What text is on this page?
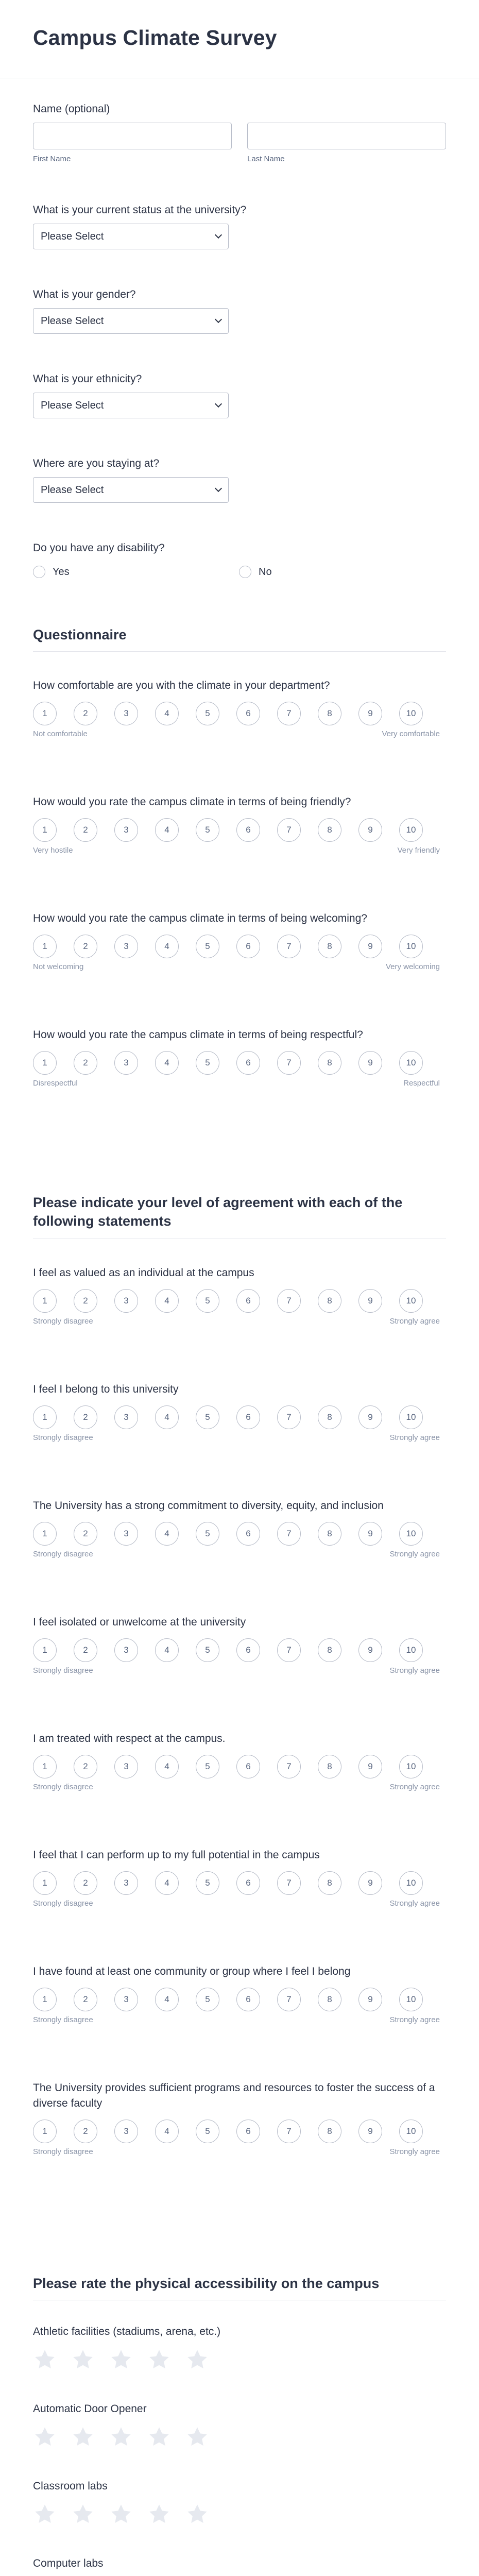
Campus Climate Survey
Name (optional)
First Name	Last Name
What is your current status at the university?
Please Select
What is your gender?
Please Select
What is your ethnicity?
Please Select
Where are you staying at?
Please Select
Do you have any disability?
Yes	No
Questionnaire
How comfortable are you with the climate in your department?
1	2	3	4	5	6	7	8	9	10
Not comfortable	Very comfortable
How would you rate the campus climate in terms of being friendly?
1	2	3	4	5	6	7	8	9	10
Very hostile	Very friendly
How would you rate the campus climate in terms of being welcoming?
1	2	3	4	5	6	7	8	9	10
Not welcoming	Very welcoming
How would you rate the campus climate in terms of being respectful?
1	2	3	4	5	6	7	8	9	10
Disrespectful	Respectful
Please indicate your level of agreement with each of the following statements
I feel as valued as an individual at the campus
1	2	3	4	5	6	7	8	9	10
Strongly disagree	Strongly agree
I feel I belong to this university
1	2	3	4	5	6	7	8	9	10
Strongly disagree	Strongly agree
The University has a strong commitment to diversity, equity, and inclusion
1	2	3	4	5	6	7	8	9	10
Strongly disagree	Strongly agree
I feel isolated or unwelcome at the university
1	2	3	4	5	6	7	8	9	10
Strongly disagree	Strongly agree
I am treated with respect at the campus.
1	2	3	4	5	6	7	8	9	10
Strongly disagree	Strongly agree
I feel that I can perform up to my full potential in the campus
1	2	3	4	5	6	7	8	9	10
Strongly disagree	Strongly agree
I have found at least one community or group where I feel I belong
1	2	3	4	5	6	7	8	9	10
Strongly disagree	Strongly agree
The University provides sufficient programs and resources to foster the success of a diverse faculty
1	2	3	4	5	6	7	8	9	10
Strongly disagree	Strongly agree
Please rate the physical accessibility on the campus
Athletic facilities (stadiums, arena, etc.)
Automatic Door Opener
Classroom labs
Computer labs
